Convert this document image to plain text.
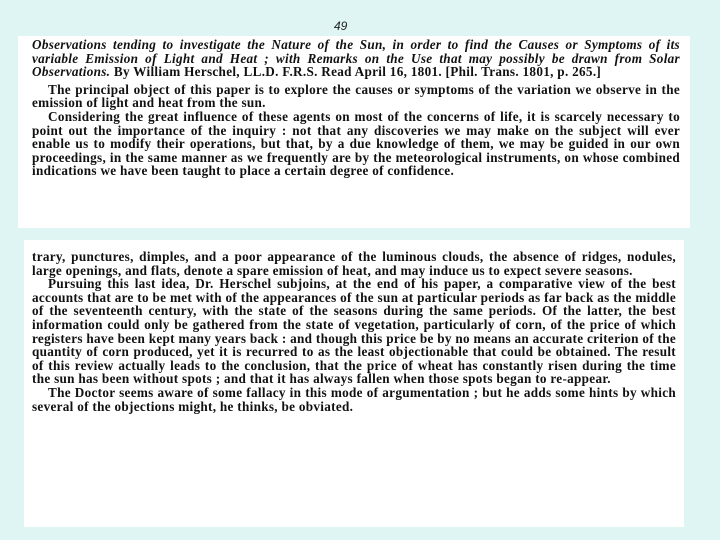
49

Observations tending to investigate the Nature of the Sun, in order to find the Causes or Symptoms of its variable Emission of Light and Heat ; with Remarks on the Use that may possibly be drawn from Solar Observations. By William Herschel, LL.D. F.R.S. Read April 16, 1801. [Phil. Trans. 1801, p. 265.]

The principal object of this paper is to explore the causes or symptoms of the variation we observe in the emission of light and heat from the sun.

Considering the great influence of these agents on most of the concerns of life, it is scarcely necessary to point out the importance of the inquiry : not that any discoveries we may make on the subject will ever enable us to modify their operations, but that, by a due knowledge of them, we may be guided in our own proceedings, in the same manner as we frequently are by the meteorological instruments, on whose combined indications we have been taught to place a certain degree of confidence.

trary, punctures, dimples, and a poor appearance of the luminous clouds, the absence of ridges, nodules, large openings, and flats, denote a spare emission of heat, and may induce us to expect severe seasons.

Pursuing this last idea, Dr. Herschel subjoins, at the end of his paper, a comparative view of the best accounts that are to be met with of the appearances of the sun at particular periods as far back as the middle of the seventeenth century, with the state of the seasons during the same periods. Of the latter, the best information could only be gathered from the state of vegetation, particularly of corn, of the price of which registers have been kept many years back : and though this price be by no means an accurate criterion of the quantity of corn produced, yet it is recurred to as the least objectionable that could be obtained. The result of this review actually leads to the conclusion, that the price of wheat has constantly risen during the time the sun has been without spots ; and that it has always fallen when those spots began to re-appear.

The Doctor seems aware of some fallacy in this mode of argumentation ; but he adds some hints by which several of the objections might, he thinks, be obviated.
